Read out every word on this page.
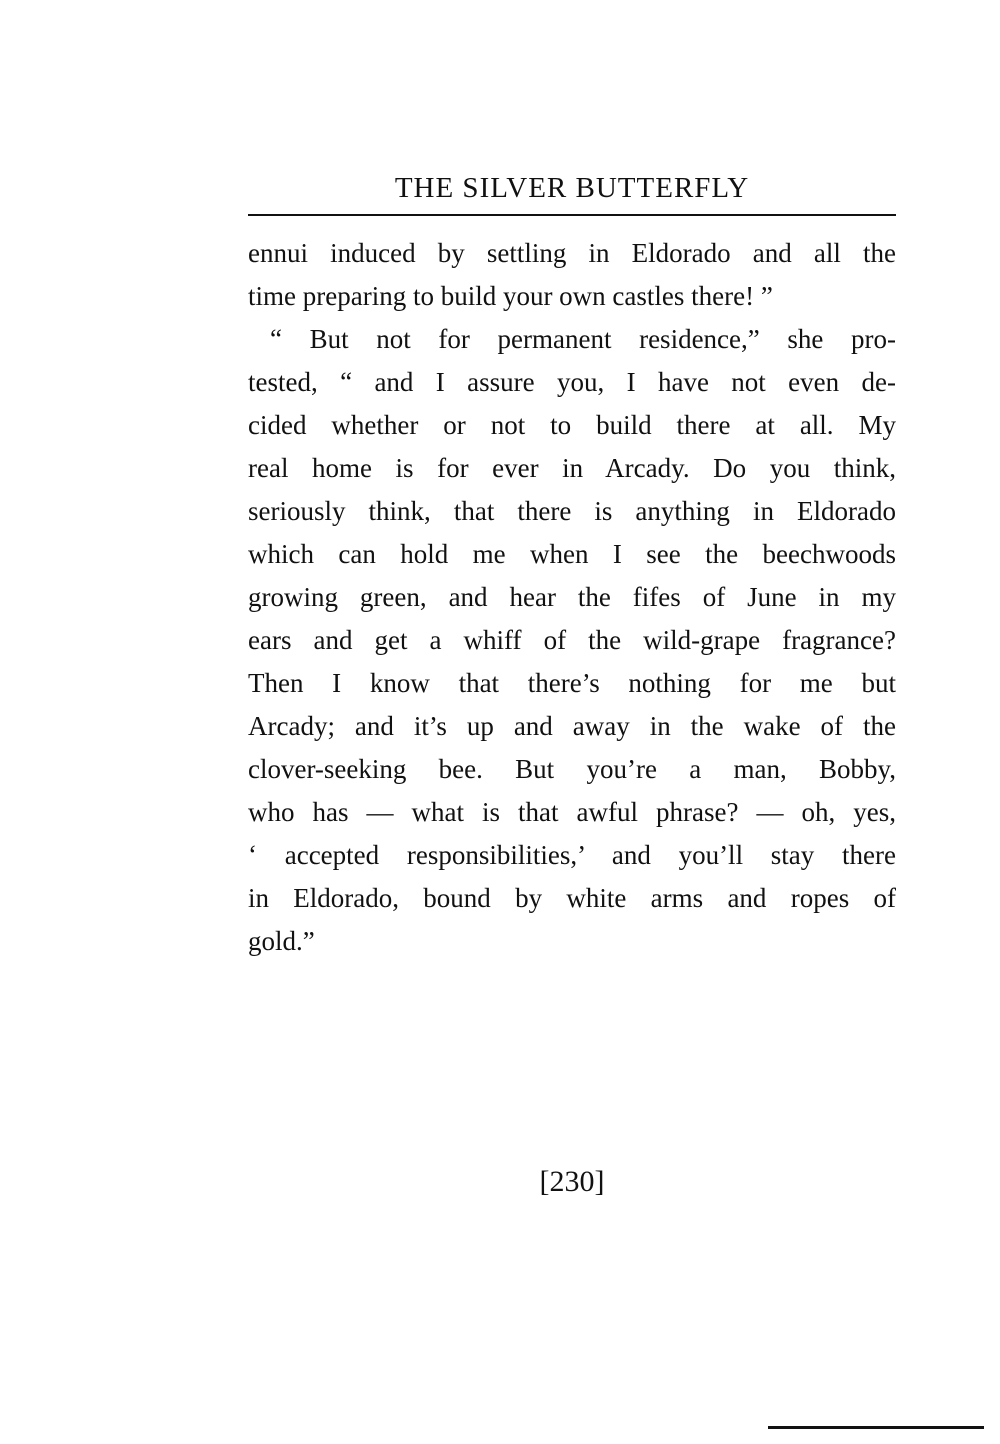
THE SILVER BUTTERFLY
ennui induced by settling in Eldorado and all the
time preparing to build your own castles there! ”
“ But not for permanent residence,” she pro-
tested, “ and I assure you, I have not even de-
cided whether or not to build there at all. My
real home is for ever in Arcady. Do you think,
seriously think, that there is anything in Eldorado
which can hold me when I see the beechwoods
growing green, and hear the fifes of June in my
ears and get a whiff of the wild-grape fragrance?
Then I know that there’s nothing for me but
Arcady; and it’s up and away in the wake of the
clover-seeking bee. But you’re a man, Bobby,
who has — what is that awful phrase? — oh, yes,
‘ accepted responsibilities,’ and you’ll stay there
in Eldorado, bound by white arms and ropes of
gold.”
[230]
